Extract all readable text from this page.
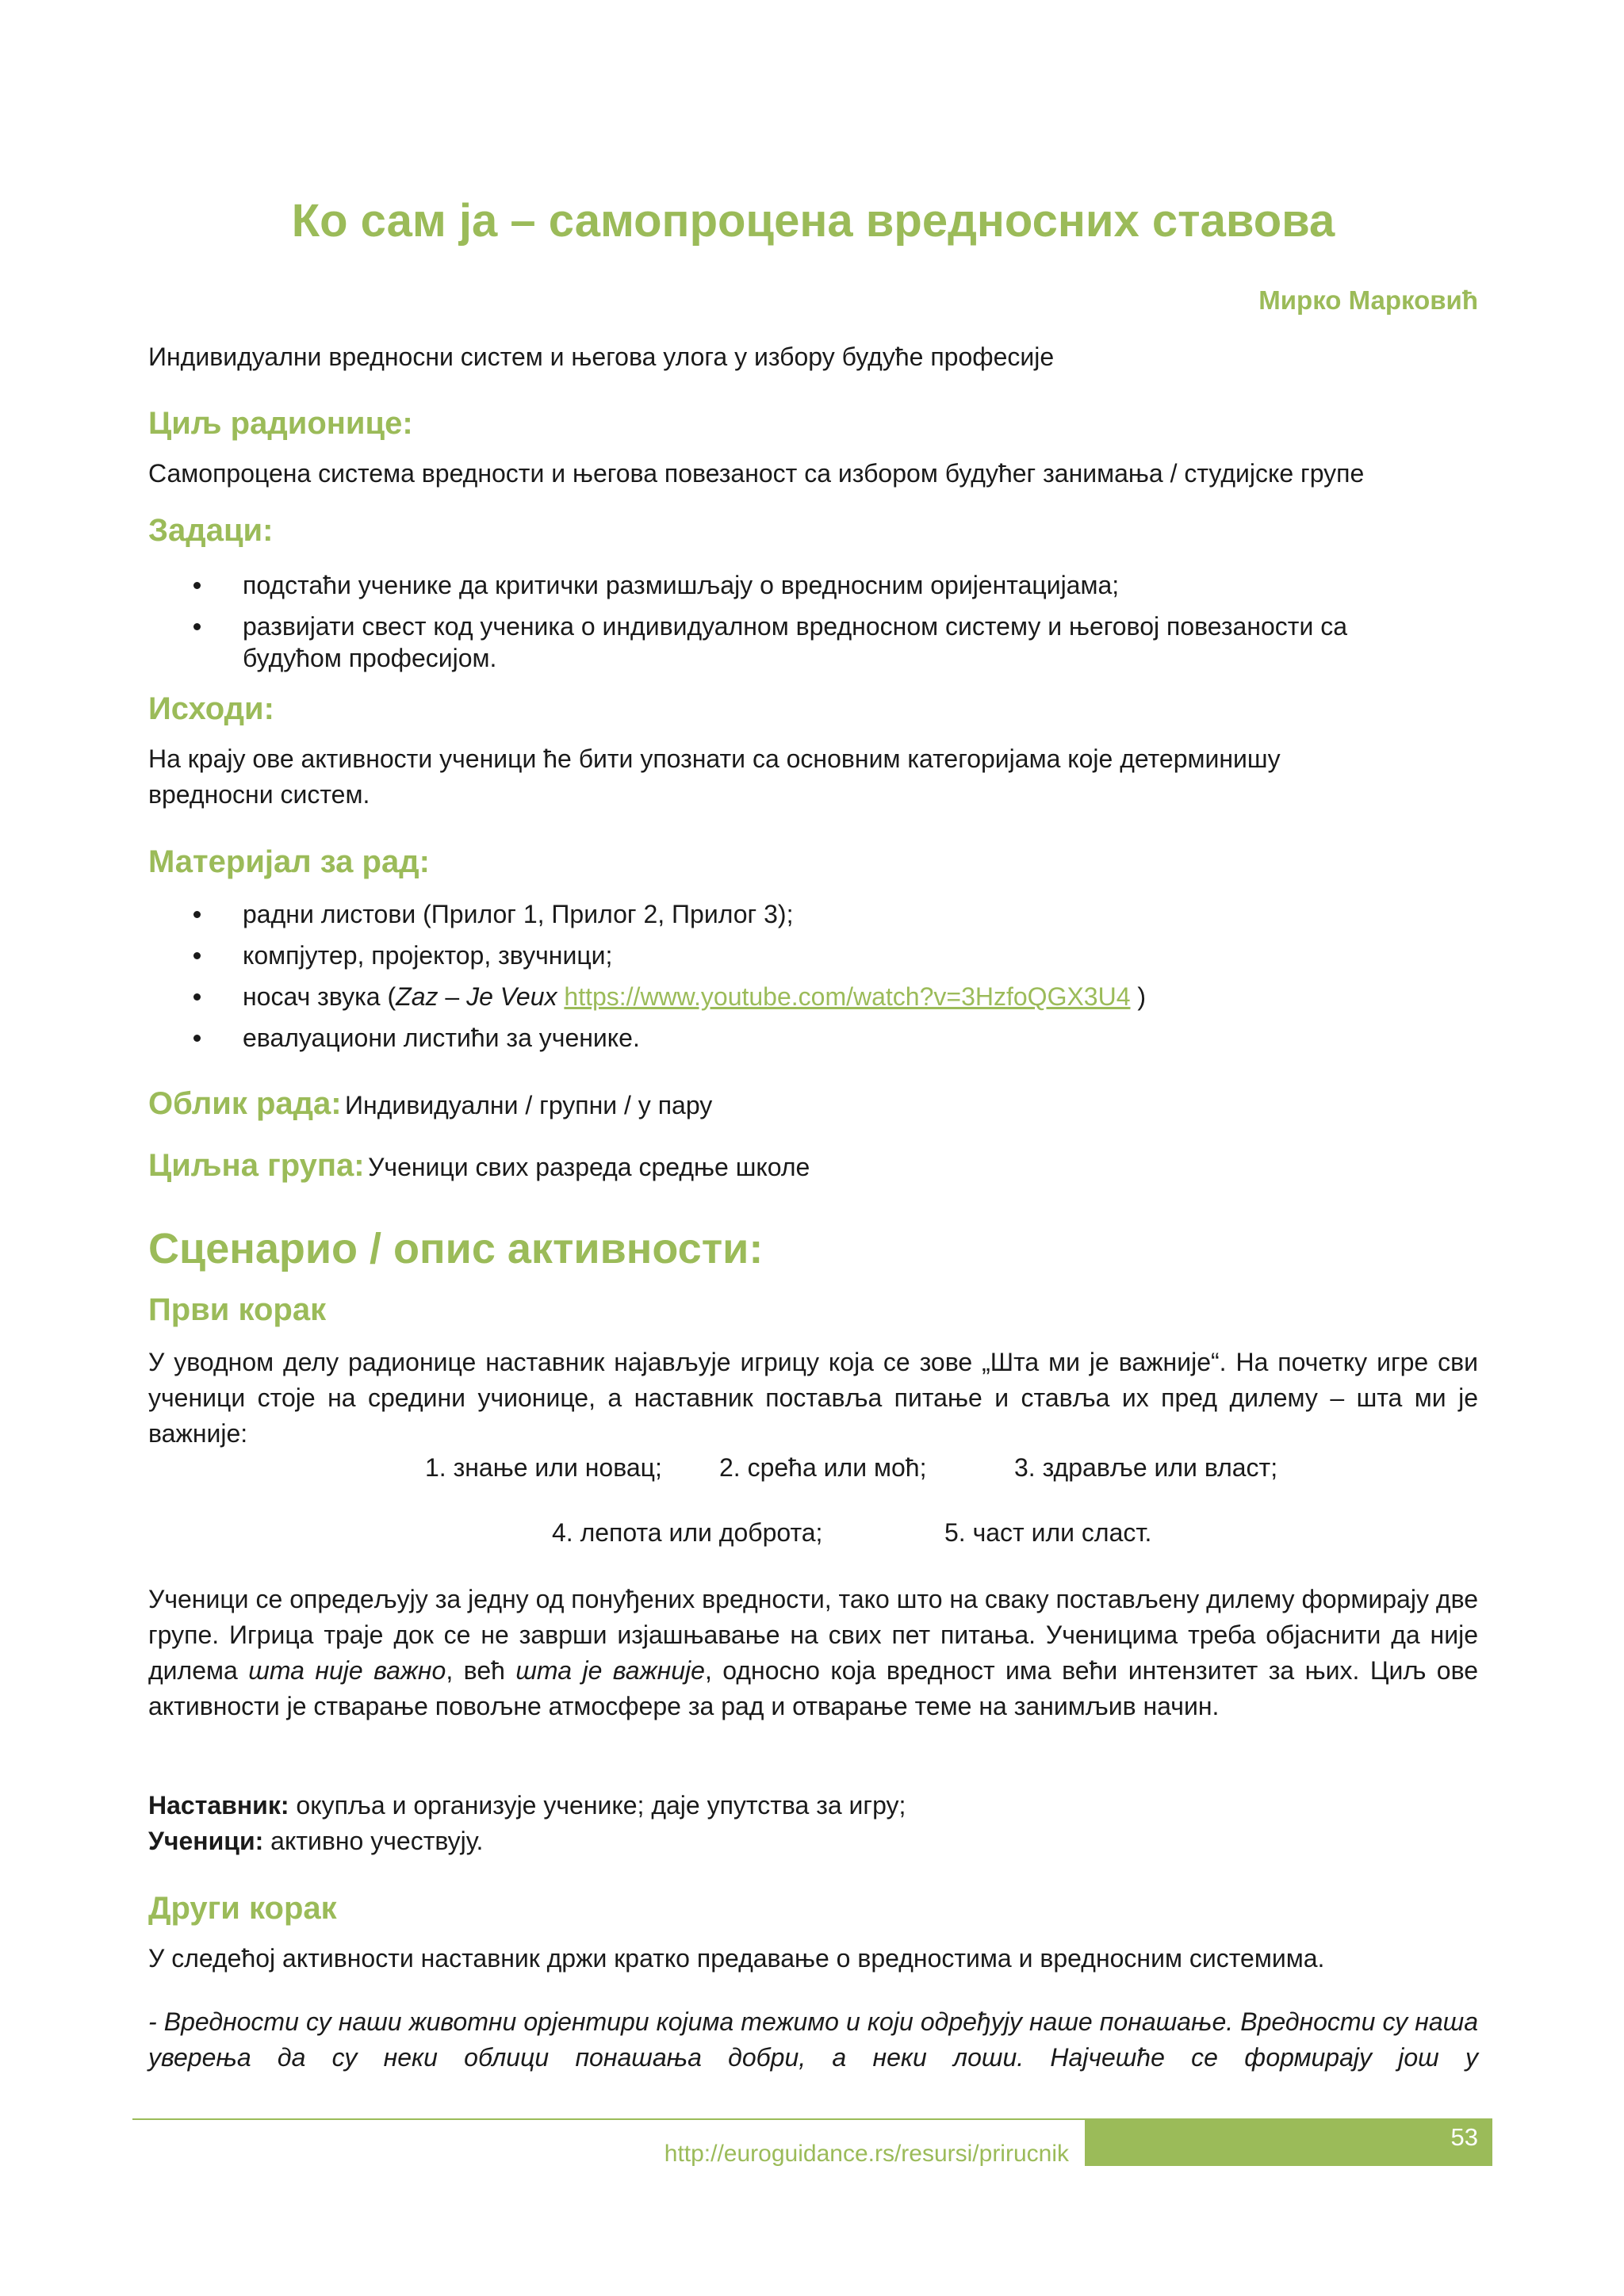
Ко сам ја – самопроцена вредносних ставова
Мирко Марковић

Индивидуални вредносни систем и његова улога у избору будуће професије

Циљ радионице:

Самопроцена система вредности и његова повезаност са избором будућег занимања / студијске групе

Задаци:
подстаћи ученике да критички размишљају о вредносним оријентацијама;
развијати свест код ученика о индивидуалном вредносном систему и његовој повезаности са будућом професијом.
Исходи:

На крају ове активности ученици ће бити упознати са основним категоријама које детерминишу вредносни систем.

Материјал за рад:
радни листови (Прилог 1, Прилог 2, Прилог 3);
компјутер, пројектор, звучници;
носач звука (Zaz – Je Veux https://www.youtube.com/watch?v=3HzfoQGX3U4 )
евалуациони листићи за ученике.
Облик рада: Индивидуални / групни / у пару
Циљна група: Ученици свих разреда средње школе
Сценарио / опис активности:
Први корак

У уводном делу радионице наставник најављује игрицу која се зове „Шта ми је важније“. На почетку игре сви ученици стоје на средини учионице, а наставник поставља питање и ставља их пред дилему – шта ми је важније:

1. знање или новац; 2. срећа или моћ;	3. здравље или власт;
4. лепота или доброта;	5. част или сласт.

Ученици се опредељују за једну од понуђених вредности, тако што на сваку постављену дилему формирају две групе. Игрица траје док се не заврши изјашњавање на свих пет питања. Ученицима треба објаснити да није дилема шта није важно, већ шта је важније, односно која вредност има већи интензитет за њих. Циљ ове активности је стварање повољне атмосфере за рад и отварање теме на занимљив начин.

Наставник: окупља и организује ученике; даје упутства за игру;

Ученици: активно учествују.

Други корак

У следећој активности наставник држи кратко предавање о вредностима и вредносним системима.

- Вредности су наши животни орјентири којима тежимо и који одређују наше понашање. Вредности су наша уверења да су неки облици понашања добри, а неки лоши. Најчешће се формирају још у

http://euroguidance.rs/resursi/prirucnik
53
